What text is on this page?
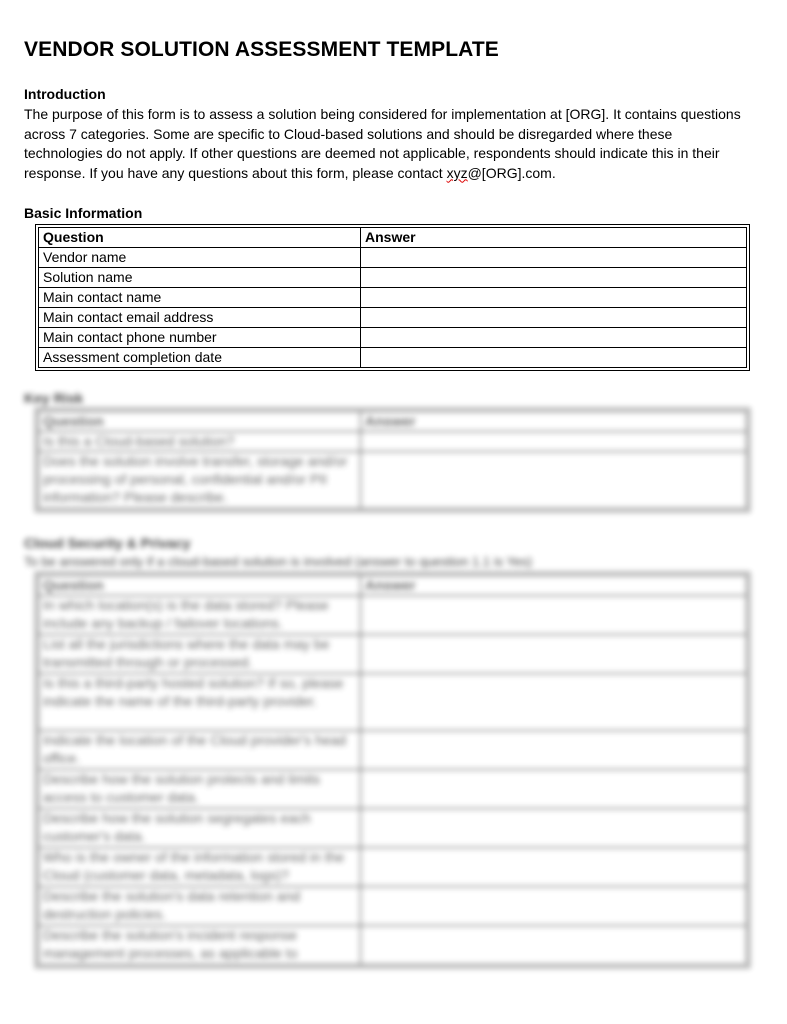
VENDOR SOLUTION ASSESSMENT TEMPLATE
Introduction
The purpose of this form is to assess a solution being considered for implementation at [ORG]. It contains questions across 7 categories. Some are specific to Cloud-based solutions and should be disregarded where these technologies do not apply. If other questions are deemed not applicable, respondents should indicate this in their response. If you have any questions about this form, please contact xyz@[ORG].com.
Basic Information
Question	Answer
Vendor name	
Solution name	
Main contact name	
Main contact email address	
Main contact phone number	
Assessment completion date	
Key Risk
Question	Answer
Is this a Cloud-based solution?	
Does the solution involve transfer, storage and/or processing of personal, confidential and/or PII information? Please describe.	
Cloud Security & Privacy
To be answered only if a cloud-based solution is involved (answer to question 1.1 is Yes)
Question	Answer
In which location(s) is the data stored? Please include any backup / failover locations.	
List all the jurisdictions where the data may be transmitted through or processed.	
Is this a third-party hosted solution? If so, please indicate the name of the third-party provider.	
Indicate the location of the Cloud provider's head office.	
Describe how the solution protects and limits access to customer data.	
Describe how the solution segregates each customer's data.	
Who is the owner of the information stored in the Cloud (customer data, metadata, logs)?	
Describe the solution's data retention and destruction policies.	
Describe the solution's incident response management processes, as applicable to	
